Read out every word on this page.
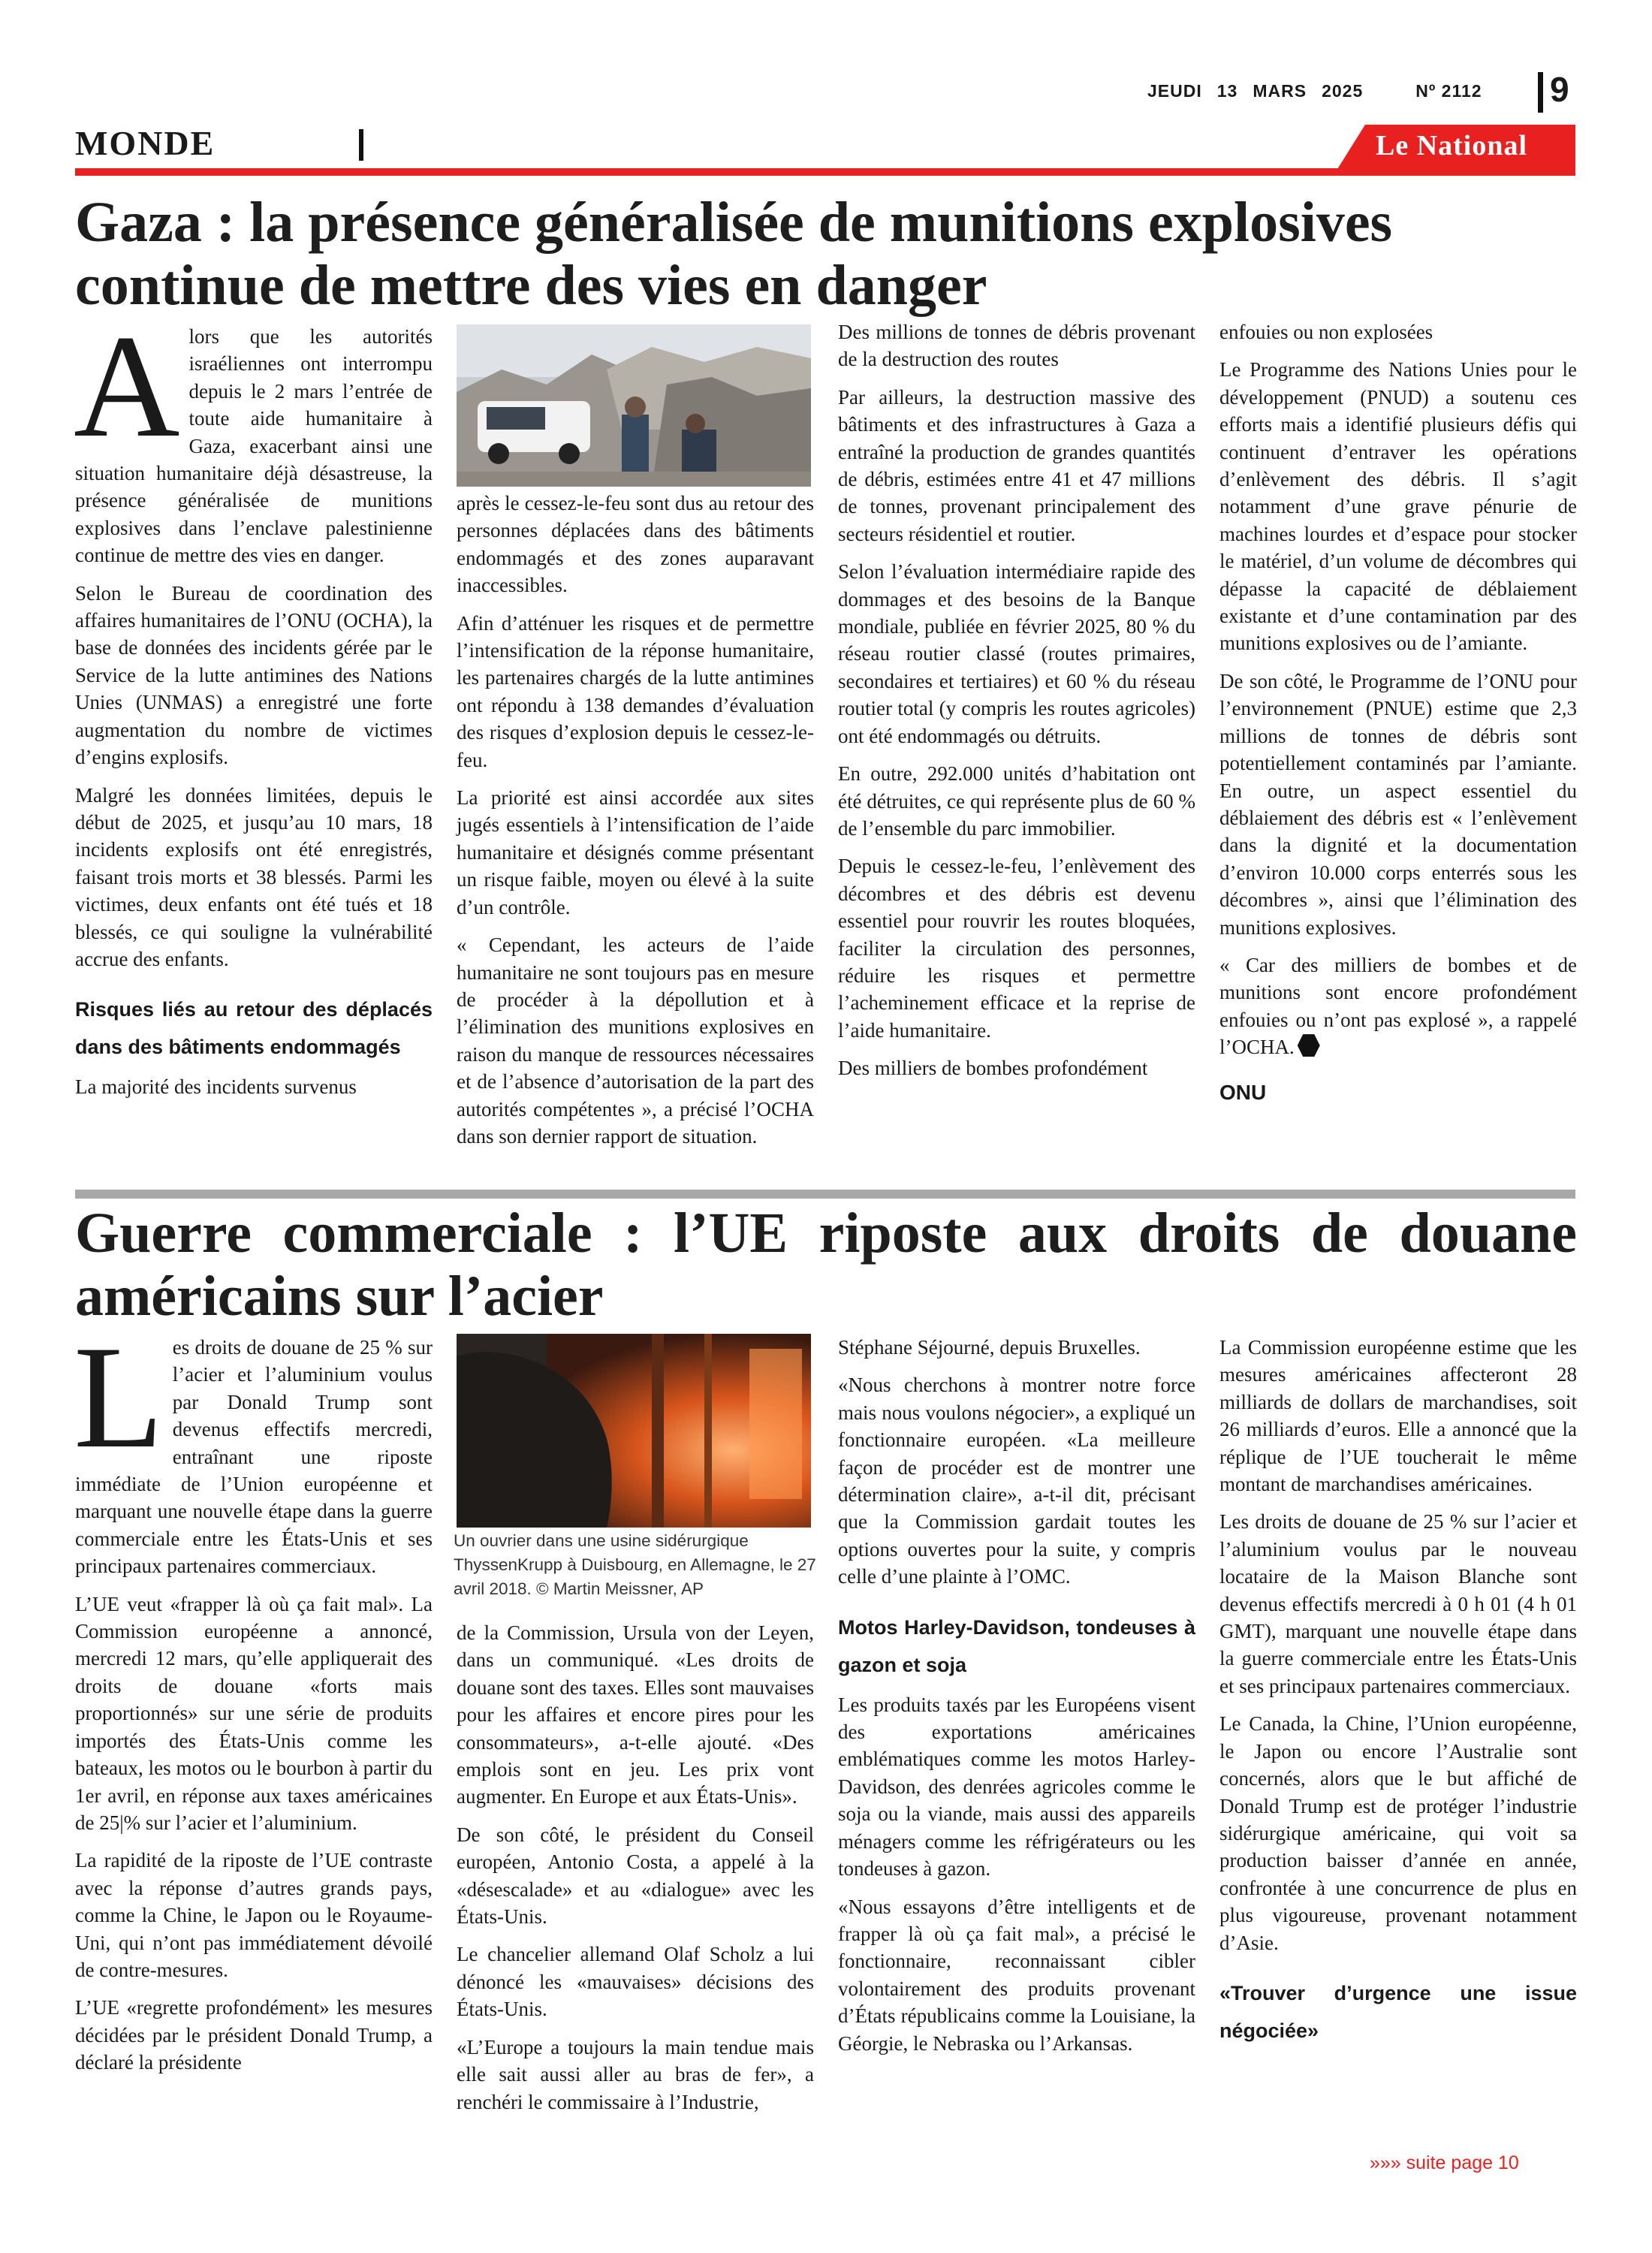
JEUDI 13 MARS 2025	Nº 2112	9
MONDE	Le National
Gaza : la présence généralisée de munitions explosives continue de mettre des vies en danger

Alors que les autorités israéliennes ont interrompu depuis le 2 mars l’entrée de toute aide humanitaire à Gaza, exacerbant ainsi une situation humanitaire déjà désastreuse, la présence généralisée de munitions explosives dans l’enclave palestinienne continue de mettre des vies en danger.

Selon le Bureau de coordination des affaires humanitaires de l’ONU (OCHA), la base de données des incidents gérée par le Service de la lutte antimines des Nations Unies (UNMAS) a enregistré une forte augmentation du nombre de victimes d’engins explosifs.

Malgré les données limitées, depuis le début de 2025, et jusqu’au 10 mars, 18 incidents explosifs ont été enregistrés, faisant trois morts et 38 blessés. Parmi les victimes, deux enfants ont été tués et 18 blessés, ce qui souligne la vulnérabilité accrue des enfants.

Risques liés au retour des déplacés dans des bâtiments endommagés

La majorité des incidents survenus

après le cessez-le-feu sont dus au retour des personnes déplacées dans des bâtiments endommagés et des zones auparavant inaccessibles.

Afin d’atténuer les risques et de permettre l’intensification de la réponse humanitaire, les partenaires chargés de la lutte antimines ont répondu à 138 demandes d’évaluation des risques d’explosion depuis le cessez-le-feu.

La priorité est ainsi accordée aux sites jugés essentiels à l’intensification de l’aide humanitaire et désignés comme présentant un risque faible, moyen ou élevé à la suite d’un contrôle.

« Cependant, les acteurs de l’aide humanitaire ne sont toujours pas en mesure de procéder à la dépollution et à l’élimination des munitions explosives en raison du manque de ressources nécessaires et de l’absence d’autorisation de la part des autorités compétentes », a précisé l’OCHA dans son dernier rapport de situation.

Des millions de tonnes de débris provenant de la destruction des routes

Par ailleurs, la destruction massive des bâtiments et des infrastructures à Gaza a entraîné la production de grandes quantités de débris, estimées entre 41 et 47 millions de tonnes, provenant principalement des secteurs résidentiel et routier.

Selon l’évaluation intermédiaire rapide des dommages et des besoins de la Banque mondiale, publiée en février 2025, 80 % du réseau routier classé (routes primaires, secondaires et tertiaires) et 60 % du réseau routier total (y compris les routes agricoles) ont été endommagés ou détruits.

En outre, 292.000 unités d’habitation ont été détruites, ce qui représente plus de 60 % de l’ensemble du parc immobilier.

Depuis le cessez-le-feu, l’enlèvement des décombres et des débris est devenu essentiel pour rouvrir les routes bloquées, faciliter la circulation des personnes, réduire les risques et permettre l’acheminement efficace et la reprise de l’aide humanitaire.

Des milliers de bombes profondément

enfouies ou non explosées

Le Programme des Nations Unies pour le développement (PNUD) a soutenu ces efforts mais a identifié plusieurs défis qui continuent d’entraver les opérations d’enlèvement des débris. Il s’agit notamment d’une grave pénurie de machines lourdes et d’espace pour stocker le matériel, d’un volume de décombres qui dépasse la capacité de déblaiement existante et d’une contamination par des munitions explosives ou de l’amiante.

De son côté, le Programme de l’ONU pour l’environnement (PNUE) estime que 2,3 millions de tonnes de débris sont potentiellement contaminés par l’amiante. En outre, un aspect essentiel du déblaiement des débris est « l’enlèvement dans la dignité et la documentation d’environ 10.000 corps enterrés sous les décombres », ainsi que l’élimination des munitions explosives.

« Car des milliers de bombes et de munitions sont encore profondément enfouies ou n’ont pas explosé », a rappelé l’OCHA.

ONU
Guerre commerciale : l’UE riposte aux droits de douane américains sur l’acier

Les droits de douane de 25 % sur l’acier et l’aluminium voulus par Donald Trump sont devenus effectifs mercredi, entraînant une riposte immédiate de l’Union européenne et marquant une nouvelle étape dans la guerre commerciale entre les États-Unis et ses principaux partenaires commerciaux.

L’UE veut «frapper là où ça fait mal». La Commission européenne a annoncé, mercredi 12 mars, qu’elle appliquerait des droits de douane «forts mais proportionnés» sur une série de produits importés des États-Unis comme les bateaux, les motos ou le bourbon à partir du 1er avril, en réponse aux taxes américaines de 25|% sur l’acier et l’aluminium.

La rapidité de la riposte de l’UE contraste avec la réponse d’autres grands pays, comme la Chine, le Japon ou le Royaume-Uni, qui n’ont pas immédiatement dévoilé de contre-mesures.

L’UE «regrette profondément» les mesures décidées par le président Donald Trump, a déclaré la présidente

Un ouvrier dans une usine sidérurgique ThyssenKrupp à Duisbourg, en Allemagne, le 27 avril 2018. © Martin Meissner, AP

de la Commission, Ursula von der Leyen, dans un communiqué. «Les droits de douane sont des taxes. Elles sont mauvaises pour les affaires et encore pires pour les consommateurs», a-t-elle ajouté. «Des emplois sont en jeu. Les prix vont augmenter. En Europe et aux États-Unis».

De son côté, le président du Conseil européen, Antonio Costa, a appelé à la «désescalade» et au «dialogue» avec les États-Unis.

Le chancelier allemand Olaf Scholz a lui dénoncé les «mauvaises» décisions des États-Unis.

«L’Europe a toujours la main tendue mais elle sait aussi aller au bras de fer», a renchéri le commissaire à l’Industrie,

Stéphane Séjourné, depuis Bruxelles.

«Nous cherchons à montrer notre force mais nous voulons négocier», a expliqué un fonctionnaire européen. «La meilleure façon de procéder est de montrer une détermination claire», a-t-il dit, précisant que la Commission gardait toutes les options ouvertes pour la suite, y compris celle d’une plainte à l’OMC.

Motos Harley-Davidson, tondeuses à gazon et soja

Les produits taxés par les Européens visent des exportations américaines emblématiques comme les motos Harley-Davidson, des denrées agricoles comme le soja ou la viande, mais aussi des appareils ménagers comme les réfrigérateurs ou les tondeuses à gazon.

«Nous essayons d’être intelligents et de frapper là où ça fait mal», a précisé le fonctionnaire, reconnaissant cibler volontairement des produits provenant d’États républicains comme la Louisiane, la Géorgie, le Nebraska ou l’Arkansas.

La Commission européenne estime que les mesures américaines affecteront 28 milliards de dollars de marchandises, soit 26 milliards d’euros. Elle a annoncé que la réplique de l’UE toucherait le même montant de marchandises américaines.

Les droits de douane de 25 % sur l’acier et l’aluminium voulus par le nouveau locataire de la Maison Blanche sont devenus effectifs mercredi à 0 h 01 (4 h 01 GMT), marquant une nouvelle étape dans la guerre commerciale entre les États-Unis et ses principaux partenaires commerciaux.

Le Canada, la Chine, l’Union européenne, le Japon ou encore l’Australie sont concernés, alors que le but affiché de Donald Trump est de protéger l’industrie sidérurgique américaine, qui voit sa production baisser d’année en année, confrontée à une concurrence de plus en plus vigoureuse, provenant notamment d’Asie.

«Trouver d’urgence une issue négociée»
»»» suite page 10
